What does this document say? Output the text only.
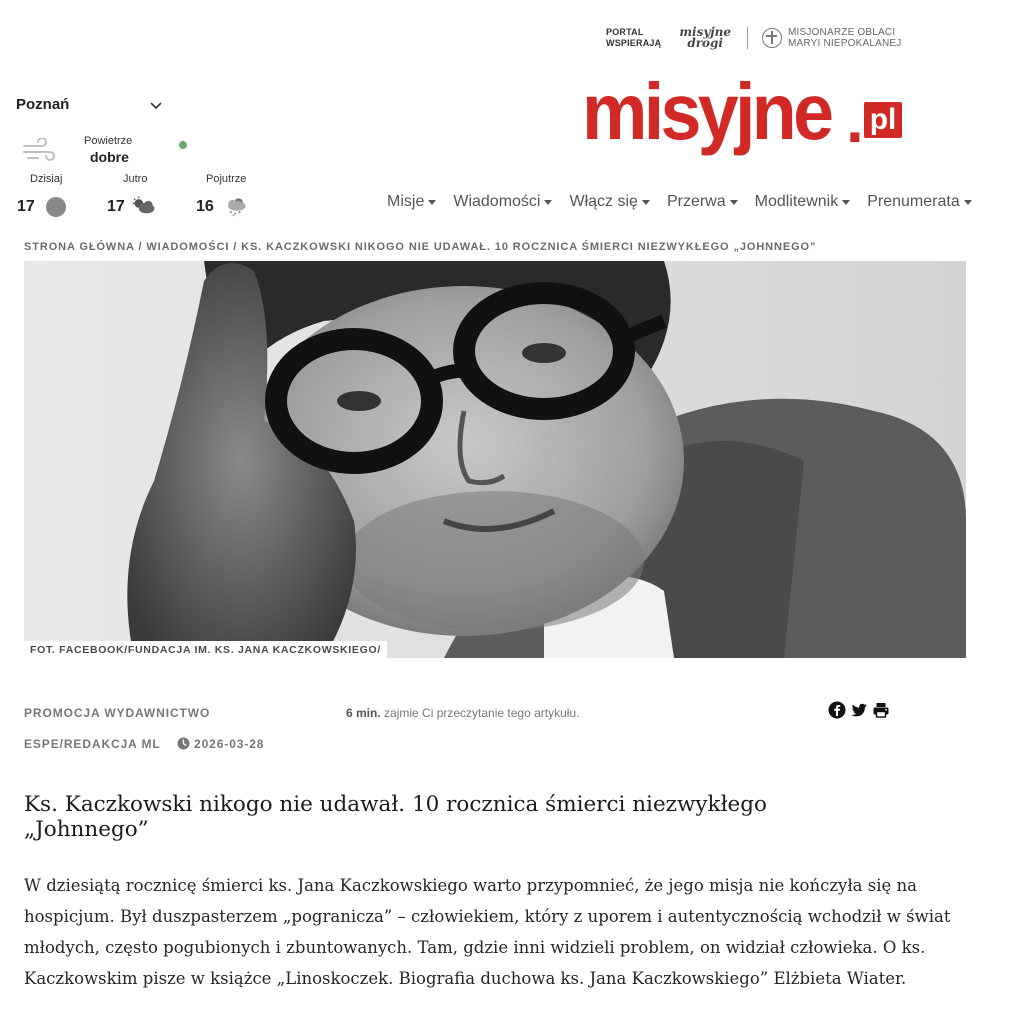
PORTAL
WSPIERAJĄ
misyjne
drogi
MISJONARZE OBLACI
MARYI NIEPOKALANEJ
misyjne . pl
Poznań
Powietrze
dobre
Dzisiaj	Jutro	Pojutrze
17	17	16	Misje Wiadomości Włącz się Przerwa Modlitewnik Prenumerata
STRONA GŁÓWNA / WIADOMOŚCI / KS. KACZKOWSKI NIKOGO NIE UDAWAŁ. 10 ROCZNICA ŚMIERCI NIEZWYKŁEGO „JOHNNEGO”
FOT. FACEBOOK/FUNDACJA IM. KS. JANA KACZKOWSKIEGO/
PROMOCJA WYDAWNICTWO	6 min. zajmie Ci przeczytanie tego artykułu.
ESPE/REDAKCJA ML	2026-03-28
Ks. Kaczkowski nikogo nie udawał. 10 rocznica śmierci niezwykłego „Johnnego”

W dziesiątą rocznicę śmierci ks. Jana Kaczkowskiego warto przypomnieć, że jego misja nie kończyła się na hospicjum. Był duszpasterzem „pogranicza” – człowiekiem, który z uporem i autentycznością wchodził w świat młodych, często pogubionych i zbuntowanych. Tam, gdzie inni widzieli problem, on widział człowieka. O ks. Kaczkowskim pisze w książce „Linoskoczek. Biografia duchowa ks. Jana Kaczkowskiego” Elżbieta Wiater.
